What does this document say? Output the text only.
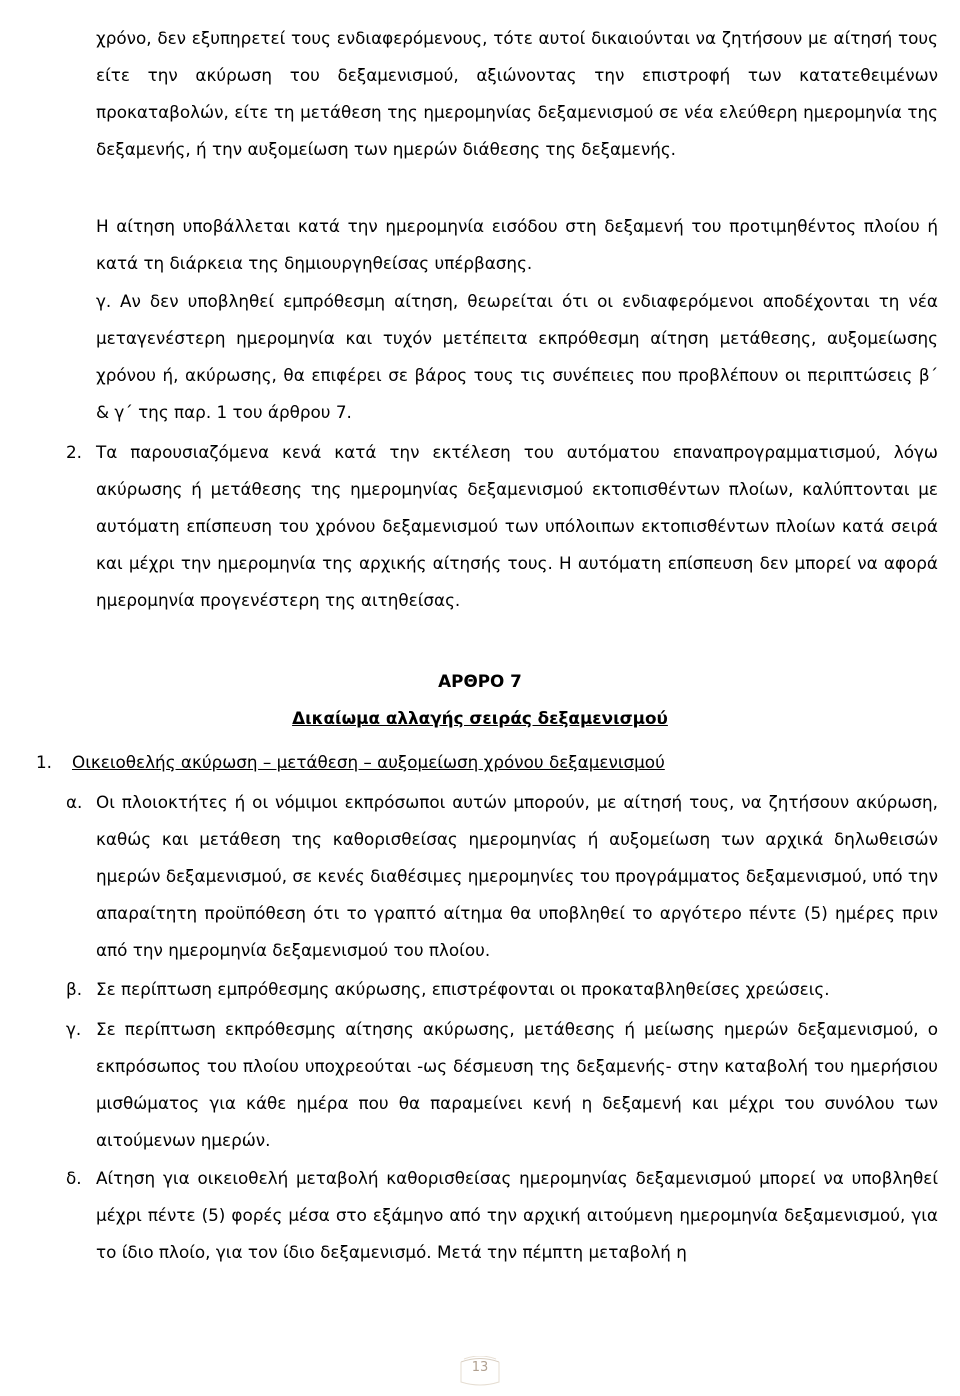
χρόνο, δεν εξυπηρετεί τους ενδιαφερόμενους, τότε αυτοί δικαιούνται να ζητήσουν με αίτησή τους είτε την ακύρωση του δεξαμενισμού, αξιώνοντας την επιστροφή των κατατεθειμένων προκαταβολών, είτε τη μετάθεση της ημερομηνίας δεξαμενισμού σε νέα ελεύθερη ημερομηνία της δεξαμενής, ή την αυξομείωση των ημερών διάθεσης της δεξαμενής.

Η αίτηση υποβάλλεται κατά την ημερομηνία εισόδου στη δεξαμενή του προτιμηθέντος πλοίου ή κατά τη διάρκεια της δημιουργηθείσας υπέρβασης.

γ. Αν δεν υποβληθεί εμπρόθεσμη αίτηση, θεωρείται ότι οι ενδιαφερόμενοι αποδέχονται τη νέα μεταγενέστερη ημερομηνία και τυχόν μετέπειτα εκπρόθεσμη αίτηση μετάθεσης, αυξομείωσης χρόνου ή, ακύρωσης, θα επιφέρει σε βάρος τους τις συνέπειες που προβλέπουν οι περιπτώσεις β΄ & γ΄ της παρ. 1 του άρθρου 7.

2. Τα παρουσιαζόμενα κενά κατά την εκτέλεση του αυτόματου επαναπρογραμματισμού, λόγω ακύρωσης ή μετάθεσης της ημερομηνίας δεξαμενισμού εκτοπισθέντων πλοίων, καλύπτονται με αυτόματη επίσπευση του χρόνου δεξαμενισμού των υπόλοιπων εκτοπισθέντων πλοίων κατά σειρά και μέχρι την ημερομηνία της αρχικής αίτησής τους. Η αυτόματη επίσπευση δεν μπορεί να αφορά ημερομηνία προγενέστερη της αιτηθείσας.

ΑΡΘΡΟ 7
Δικαίωμα αλλαγής σειράς δεξαμενισμού
1. Οικειοθελής ακύρωση – μετάθεση – αυξομείωση χρόνου δεξαμενισμού
α. Οι πλοιοκτήτες ή οι νόμιμοι εκπρόσωποι αυτών μπορούν, με αίτησή τους, να ζητήσουν ακύρωση, καθώς και μετάθεση της καθορισθείσας ημερομηνίας ή αυξομείωση των αρχικά δηλωθεισών ημερών δεξαμενισμού, σε κενές διαθέσιμες ημερομηνίες του προγράμματος δεξαμενισμού, υπό την απαραίτητη προϋπόθεση ότι το γραπτό αίτημα θα υποβληθεί το αργότερο πέντε (5) ημέρες πριν από την ημερομηνία δεξαμενισμού του πλοίου.

β. Σε περίπτωση εμπρόθεσμης ακύρωσης, επιστρέφονται οι προκαταβληθείσες χρεώσεις.

γ. Σε περίπτωση εκπρόθεσμης αίτησης ακύρωσης, μετάθεσης ή μείωσης ημερών δεξαμενισμού, ο εκπρόσωπος του πλοίου υποχρεούται -ως δέσμευση της δεξαμενής- στην καταβολή του ημερήσιου μισθώματος για κάθε ημέρα που θα παραμείνει κενή η δεξαμενή και μέχρι του συνόλου των αιτούμενων ημερών.

δ. Αίτηση για οικειοθελή μεταβολή καθορισθείσας ημερομηνίας δεξαμενισμού μπορεί να υποβληθεί μέχρι πέντε (5) φορές μέσα στο εξάμηνο από την αρχική αιτούμενη ημερομηνία δεξαμενισμού, για το ίδιο πλοίο, για τον ίδιο δεξαμενισμό. Μετά την πέμπτη μεταβολή η

13
